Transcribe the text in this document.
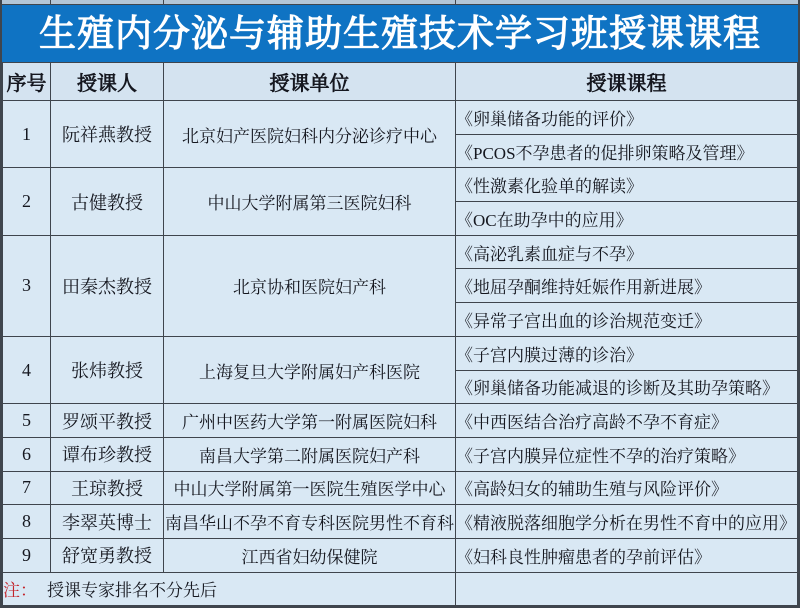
生殖内分泌与辅助生殖技术学习班授课课程
序号	授课人	授课单位	授课课程
1	阮祥燕教授	北京妇产医院妇科内分泌诊疗中心	《卵巢储备功能的评价》
			《PCOS不孕患者的促排卵策略及管理》
2	古健教授	中山大学附属第三医院妇科	《性激素化验单的解读》
			《OC在助孕中的应用》
3	田秦杰教授	北京协和医院妇产科	《高泌乳素血症与不孕》
			《地屈孕酮维持妊娠作用新进展》
			《异常子宫出血的诊治规范变迁》
4	张炜教授	上海复旦大学附属妇产科医院	《子宫内膜过薄的诊治》
			《卵巢储备功能减退的诊断及其助孕策略》
5	罗颂平教授	广州中医药大学第一附属医院妇科	《中西医结合治疗高龄不孕不育症》
6	谭布珍教授	南昌大学第二附属医院妇产科	《子宫内膜异位症性不孕的治疗策略》
7	王琼教授	中山大学附属第一医院生殖医学中心	《高龄妇女的辅助生殖与风险评价》
8	李翠英博士	南昌华山不孕不育专科医院男性不育科	《精液脱落细胞学分析在男性不育中的应用》
9	舒宽勇教授	江西省妇幼保健院	《妇科良性肿瘤患者的孕前评估》
注： 授课专家排名不分先后			
